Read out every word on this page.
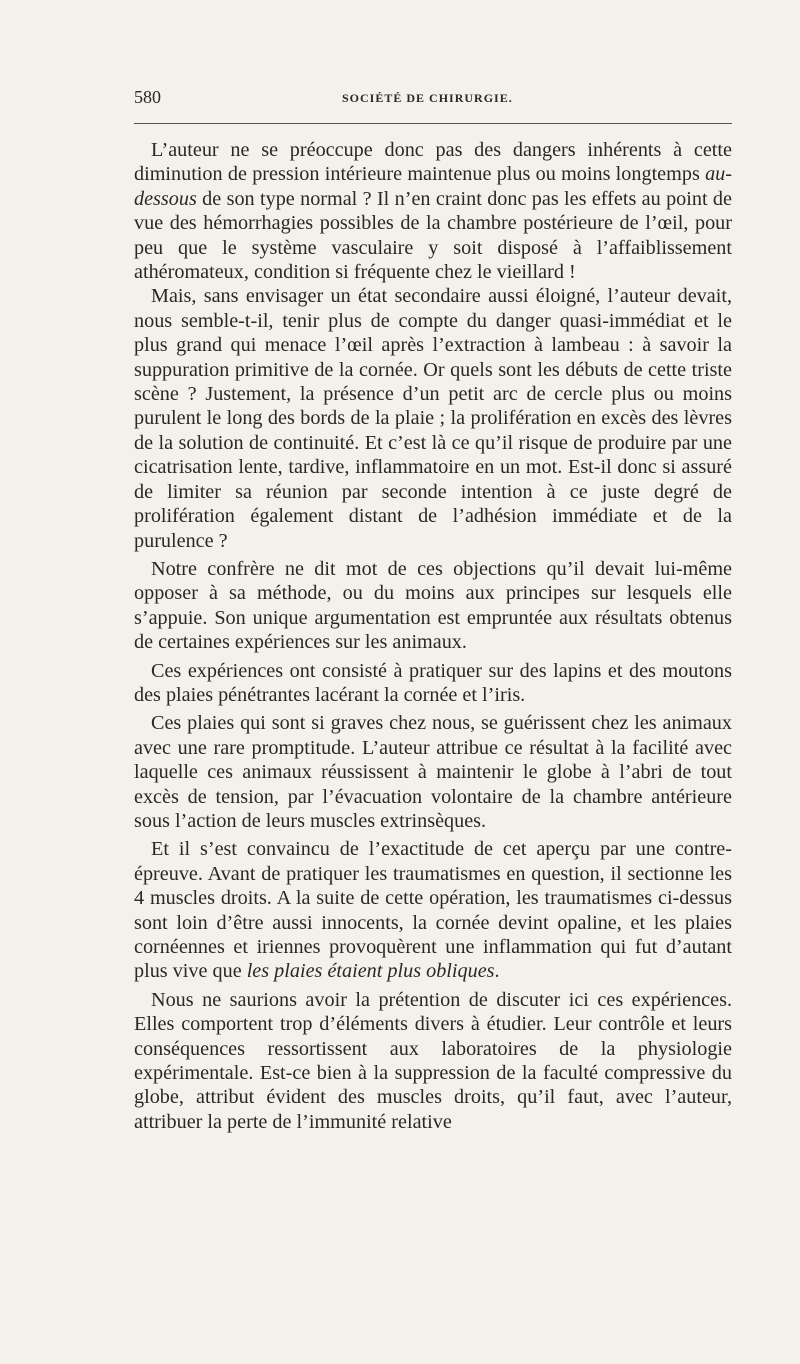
580	SOCIÉTÉ DE CHIRURGIE.

L’auteur ne se préoccupe donc pas des dangers inhérents à cette diminution de pression intérieure maintenue plus ou moins longtemps au-dessous de son type normal ? Il n’en craint donc pas les effets au point de vue des hémorrhagies possibles de la chambre postérieure de l’œil, pour peu que le système vasculaire y soit disposé à l’affaiblissement athéromateux, condition si fréquente chez le vieillard !

Mais, sans envisager un état secondaire aussi éloigné, l’auteur devait, nous semble-t-il, tenir plus de compte du danger quasi-immédiat et le plus grand qui menace l’œil après l’extraction à lambeau : à savoir la suppuration primitive de la cornée. Or quels sont les débuts de cette triste scène ? Justement, la présence d’un petit arc de cercle plus ou moins purulent le long des bords de la plaie ; la prolifération en excès des lèvres de la solution de continuité. Et c’est là ce qu’il risque de produire par une cicatrisation lente, tardive, inflammatoire en un mot. Est-il donc si assuré de limiter sa réunion par seconde intention à ce juste degré de prolifération également distant de l’adhésion immédiate et de la purulence ?

Notre confrère ne dit mot de ces objections qu’il devait lui-même opposer à sa méthode, ou du moins aux principes sur lesquels elle s’appuie. Son unique argumentation est empruntée aux résultats obtenus de certaines expériences sur les animaux.

Ces expériences ont consisté à pratiquer sur des lapins et des moutons des plaies pénétrantes lacérant la cornée et l’iris.

Ces plaies qui sont si graves chez nous, se guérissent chez les animaux avec une rare promptitude. L’auteur attribue ce résultat à la facilité avec laquelle ces animaux réussissent à maintenir le globe à l’abri de tout excès de tension, par l’évacuation volontaire de la chambre antérieure sous l’action de leurs muscles extrinsèques.

Et il s’est convaincu de l’exactitude de cet aperçu par une contre-épreuve. Avant de pratiquer les traumatismes en question, il sectionne les 4 muscles droits. A la suite de cette opération, les traumatismes ci-dessus sont loin d’être aussi innocents, la cornée devint opaline, et les plaies cornéennes et iriennes provoquèrent une inflammation qui fut d’autant plus vive que les plaies étaient plus obliques.

Nous ne saurions avoir la prétention de discuter ici ces expériences. Elles comportent trop d’éléments divers à étudier. Leur contrôle et leurs conséquences ressortissent aux laboratoires de la physiologie expérimentale. Est-ce bien à la suppression de la faculté compressive du globe, attribut évident des muscles droits, qu’il faut, avec l’auteur, attribuer la perte de l’immunité relative
